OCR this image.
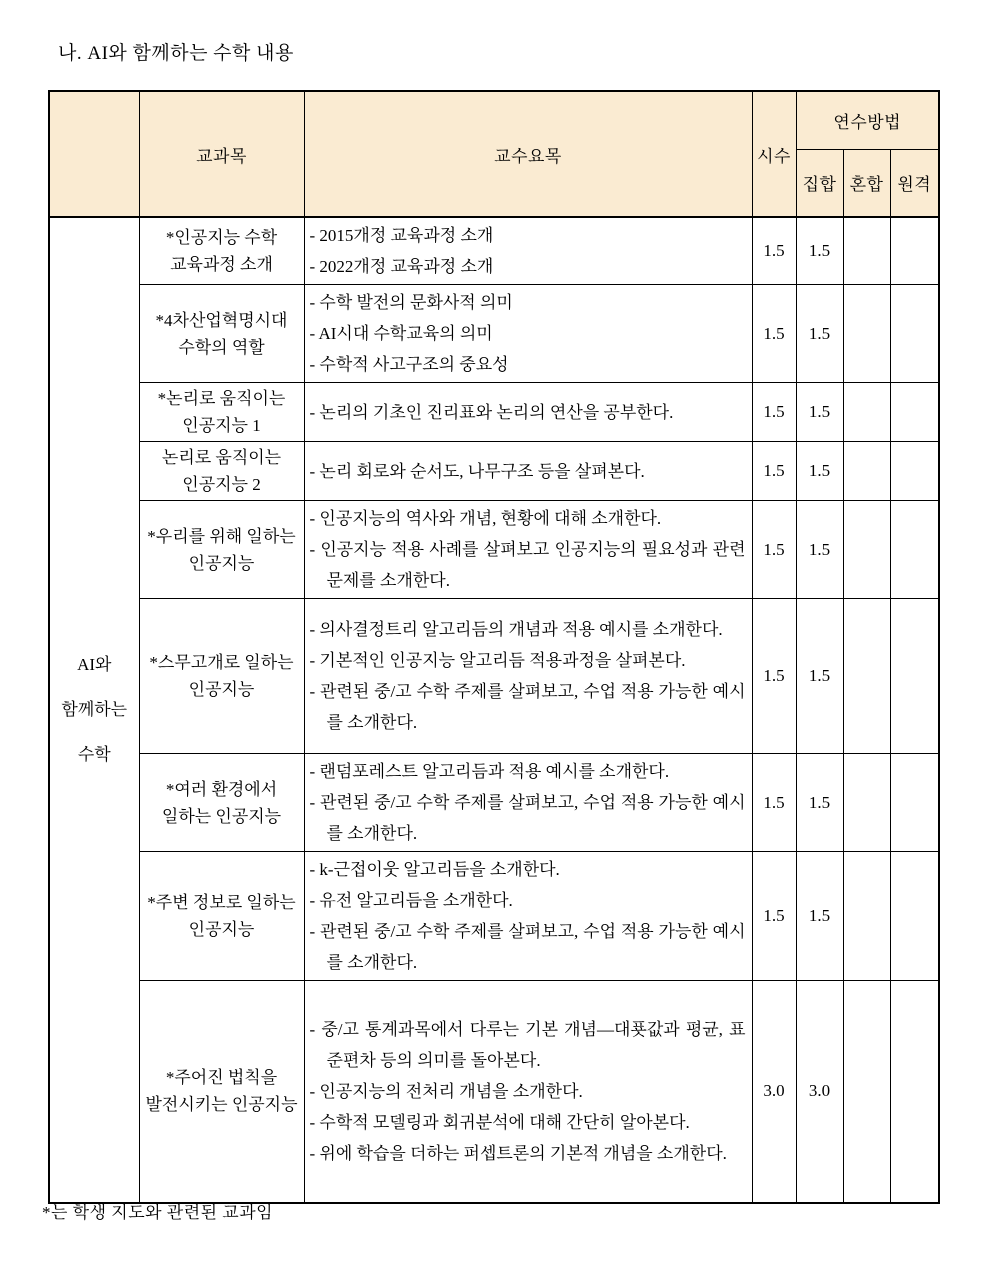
나. AI와 함께하는 수학 내용
	교과목	교수요목	시수	연수방법		
				집합	혼합	원격
AI와 함께하는 수학	*인공지능 수학 교육과정 소개	- 2015개정 교육과정 소개
- 2022개정 교육과정 소개	1.5	1.5		
	*4차산업혁명시대 수학의 역할	- 수학 발전의 문화사적 의미
- AI시대 수학교육의 의미
- 수학적 사고구조의 중요성	1.5	1.5		
	*논리로 움직이는 인공지능 1	- 논리의 기초인 진리표와 논리의 연산을 공부한다.	1.5	1.5		
	논리로 움직이는 인공지능 2	- 논리 회로와 순서도, 나무구조 등을 살펴본다.	1.5	1.5		
	*우리를 위해 일하는 인공지능	- 인공지능의 역사와 개념, 현황에 대해 소개한다.
- 인공지능 적용 사례를 살펴보고 인공지능의 필요성과 관련 문제를 소개한다.	1.5	1.5		
	*스무고개로 일하는 인공지능	- 의사결정트리 알고리듬의 개념과 적용 예시를 소개한다.
- 기본적인 인공지능 알고리듬 적용과정을 살펴본다.
- 관련된 중/고 수학 주제를 살펴보고, 수업 적용 가능한 예시를 소개한다.	1.5	1.5		
	*여러 환경에서 일하는 인공지능	- 랜덤포레스트 알고리듬과 적용 예시를 소개한다.
- 관련된 중/고 수학 주제를 살펴보고, 수업 적용 가능한 예시를 소개한다.	1.5	1.5		
	*주변 정보로 일하는 인공지능	- k-근접이웃 알고리듬을 소개한다.
- 유전 알고리듬을 소개한다.
- 관련된 중/고 수학 주제를 살펴보고, 수업 적용 가능한 예시를 소개한다.	1.5	1.5		
	*주어진 법칙을 발전시키는 인공지능	- 중/고 통계과목에서 다루는 기본 개념—대푯값과 평균, 표준편차 등의 의미를 돌아본다.
- 인공지능의 전처리 개념을 소개한다.
- 수학적 모델링과 회귀분석에 대해 간단히 알아본다.
- 위에 학습을 더하는 퍼셉트론의 기본적 개념을 소개한다.	3.0	3.0		
*는 학생 지도와 관련된 교과임
